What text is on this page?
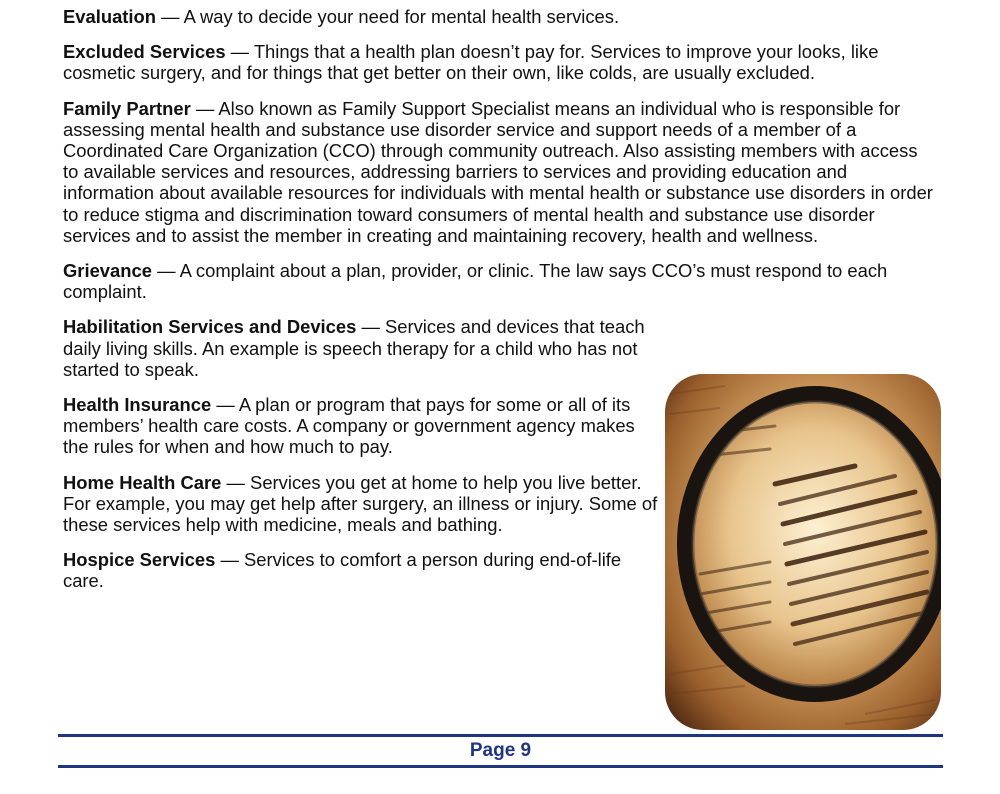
Evaluation — A way to decide your need for mental health services.

Excluded Services — Things that a health plan doesn’t pay for. Services to improve your looks, like cosmetic surgery, and for things that get better on their own, like colds, are usually excluded.

Family Partner — Also known as Family Support Specialist means an individual who is responsible for assessing mental health and substance use disorder service and support needs of a member of a Coordinated Care Organization (CCO) through community outreach. Also assisting members with access to available services and resources, addressing barriers to services and providing education and information about available resources for individuals with mental health or substance use disorders in order to reduce stigma and discrimination toward consumers of mental health and substance use disorder services and to assist the member in creating and maintaining recovery, health and wellness.

Grievance — A complaint about a plan, provider, or clinic. The law says CCO’s must respond to each complaint.

Habilitation Services and Devices — Services and devices that teach daily living skills. An example is speech therapy for a child who has not started to speak.

Health Insurance — A plan or program that pays for some or all of its members’ health care costs. A company or government agency makes the rules for when and how much to pay.

Home Health Care — Services you get at home to help you live better. For example, you may get help after surgery, an illness or injury. Some of these services help with medicine, meals and bathing.

Hospice Services — Services to comfort a person during end-of-life care.

Page 9
